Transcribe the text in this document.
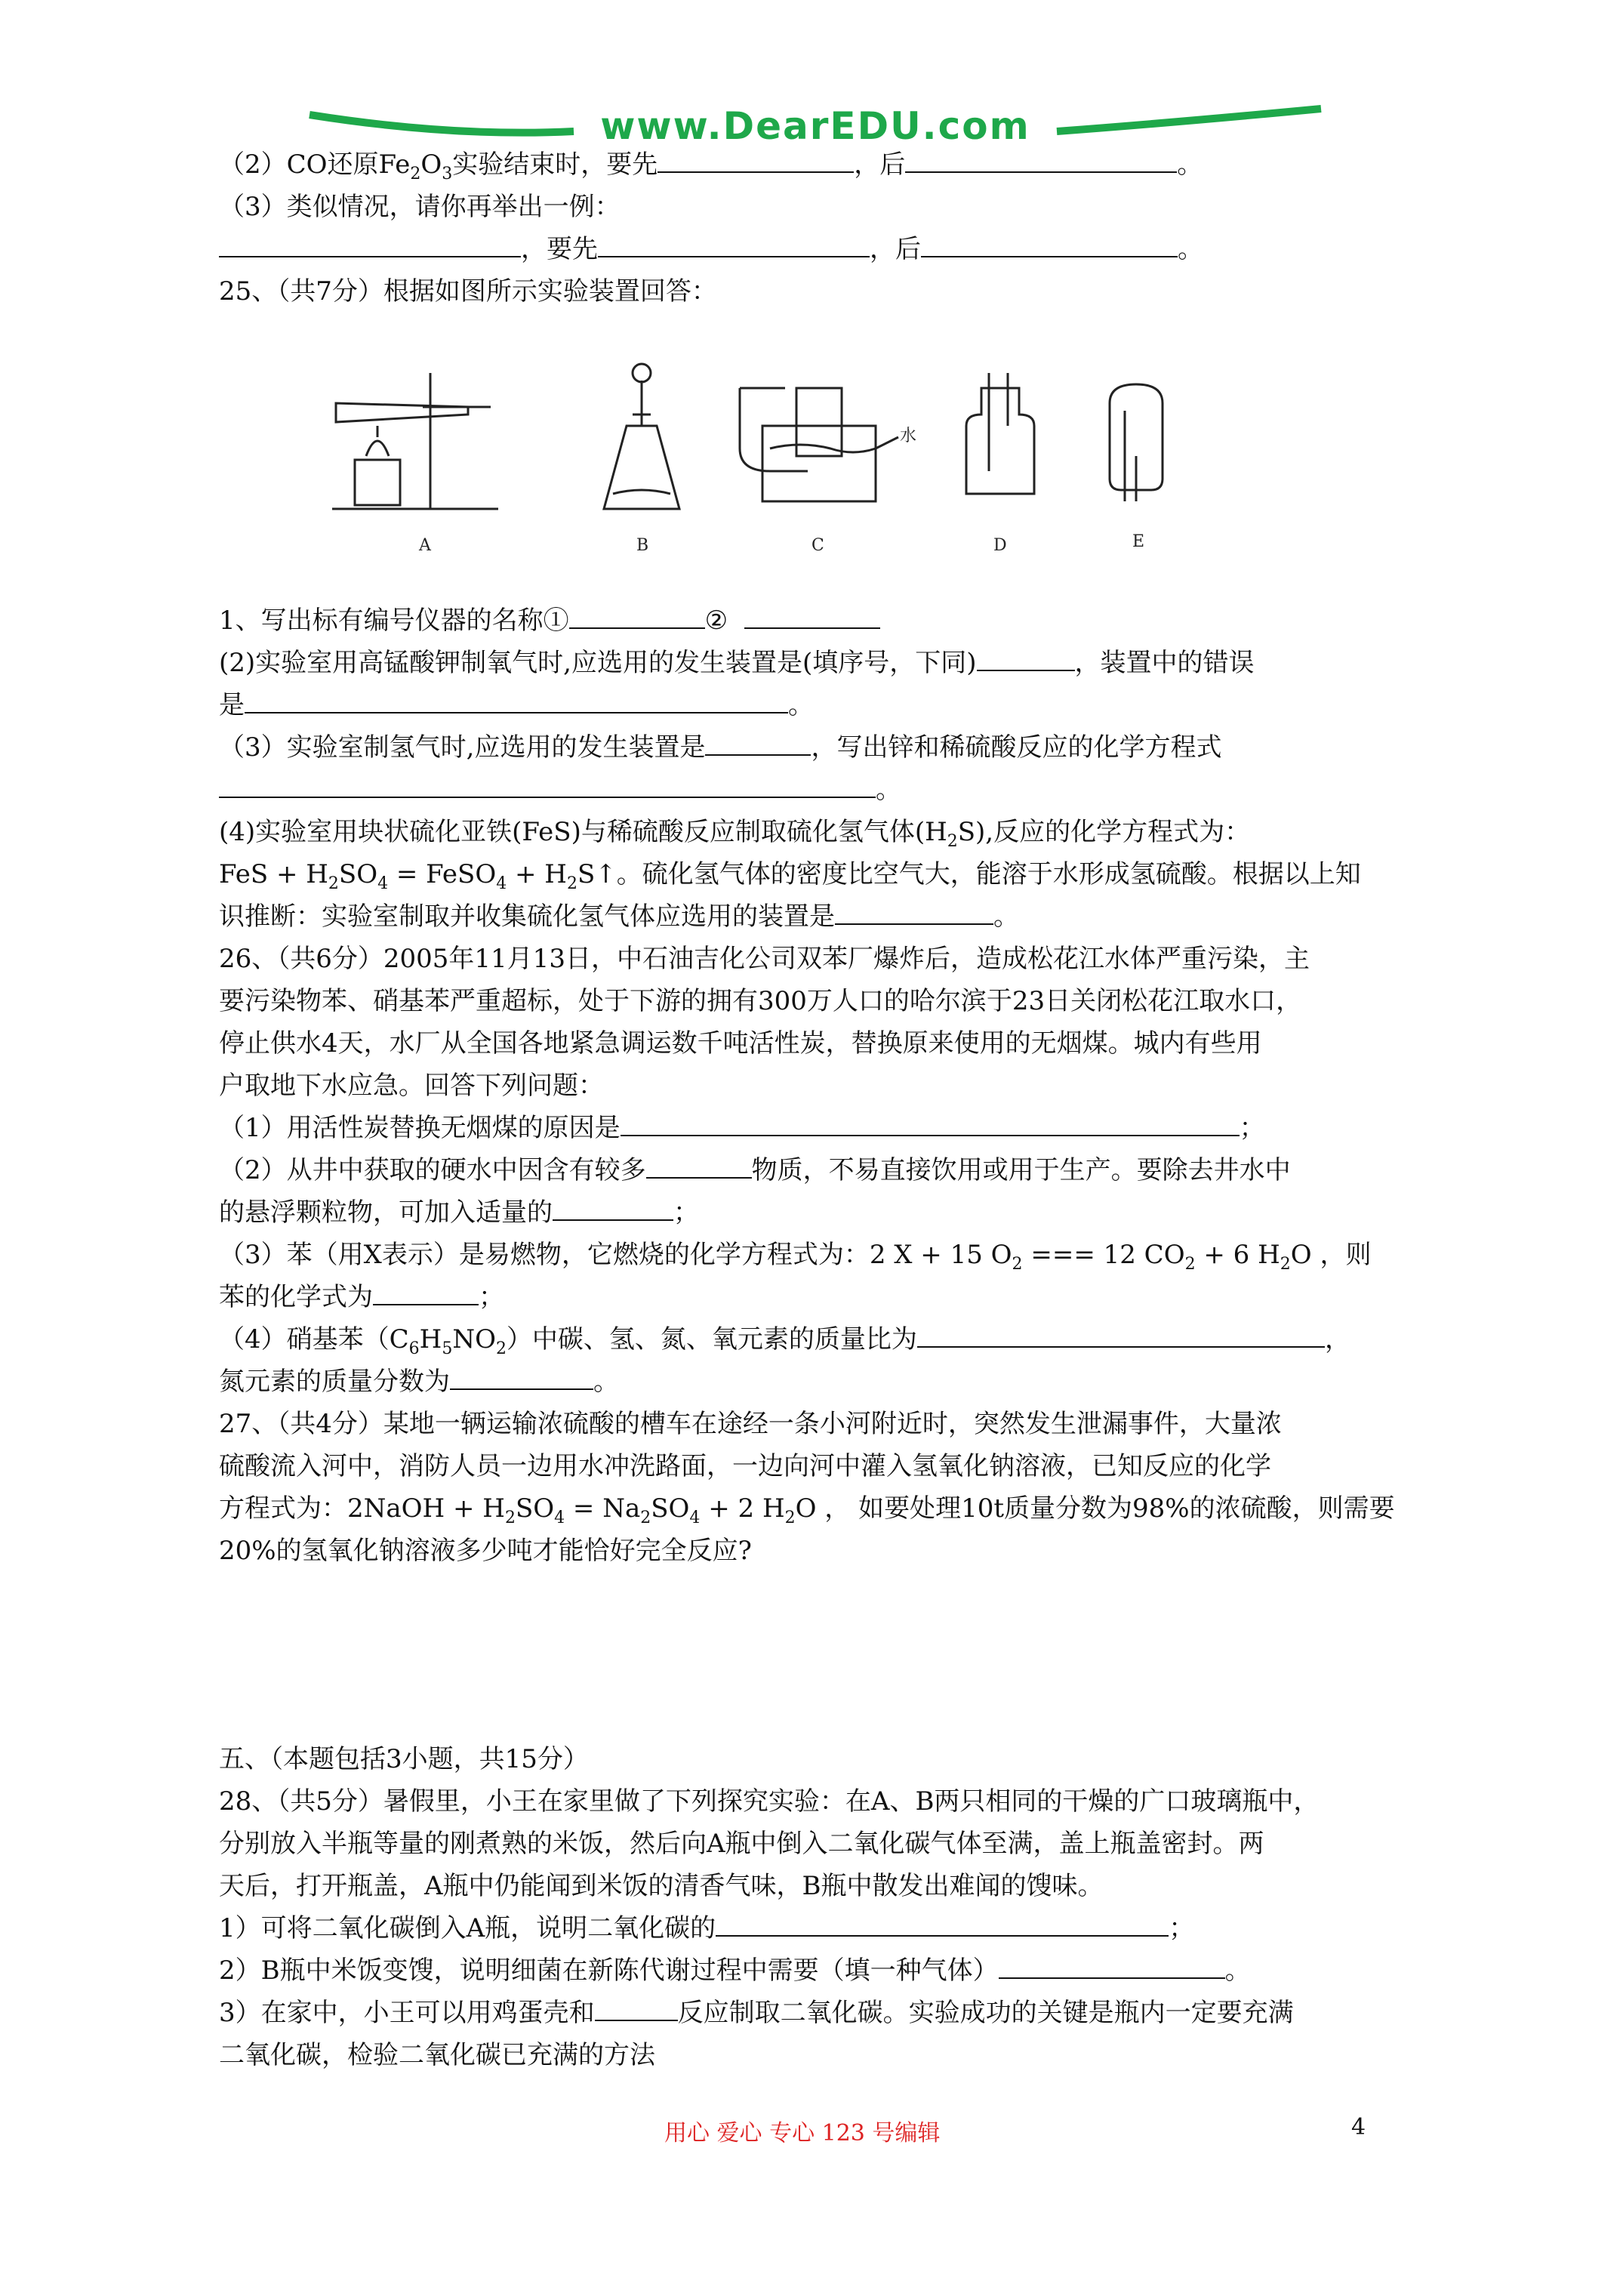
www.DearEDU.com
（2）CO还原$Fe_2O_3$实验结束时，要先	，后	。
（3）类似情况，请你再举出一例：
，要先	，后	。
25、（共7分）根据如图所示实验装置回答：
A	B
水
C	D	E
1、写出标有编号仪器的名称①	②
(2)实验室用高锰酸钾制氧气时,应选用的发生装置是(填序号，下同)	，装置中的错误
是	。
（3）实验室制氢气时,应选用的发生装置是	，写出锌和稀硫酸反应的化学方程式
。
(4)实验室用块状硫化亚铁(FeS)与稀硫酸反应制取硫化氢气体$(H_2S)$,反应的化学方程式为：
FeS + $H_2SO_4$ = FeSO$_4$ + $H_2S↑$。硫化氢气体的密度比空气大，能溶于水形成氢硫酸。根据以上知
识推断：实验室制取并收集硫化氢气体应选用的装置是	。
26、（共6分）2005年11月13日，中石油吉化公司双苯厂爆炸后，造成松花江水体严重污染，主
要污染物苯、硝基苯严重超标，处于下游的拥有300万人口的哈尔滨于23日关闭松花江取水口，
停止供水4天，水厂从全国各地紧急调运数千吨活性炭，替换原来使用的无烟煤。城内有些用
户取地下水应急。回答下列问题：
（1）用活性炭替换无烟煤的原因是	；
（2）从井中获取的硬水中因含有较多	物质，不易直接饮用或用于生产。要除去井水中
的悬浮颗粒物，可加入适量的	；
（3）苯（用X表示）是易燃物，它燃烧的化学方程式为：2 X + 15 $O_2$ === 12 $CO_2 + 6$ $H_2O$ ，则
苯的化学式为	；
（4）硝基苯$(C_6H_5NO_2)$中碳、氢、氮、氧元素的质量比为	，
氮元素的质量分数为	。
27、（共4分）某地一辆运输浓硫酸的槽车在途经一条小河附近时，突然发生泄漏事件，大量浓
硫酸流入河中，消防人员一边用水冲洗路面，一边向河中灌入氢氧化钠溶液，已知反应的化学
方程式为：2NaOH + $H_2SO_4 = Na_2SO_4 + 2$ $H_2O$ ， 如要处理10t质量分数为98%的浓硫酸，则需要
20%的氢氧化钠溶液多少吨才能恰好完全反应?
五、（本题包括3小题，共15分）
28、（共5分）暑假里，小王在家里做了下列探究实验：在A、B两只相同的干燥的广口玻璃瓶中，
分别放入半瓶等量的刚煮熟的米饭，然后向A瓶中倒入二氧化碳气体至满，盖上瓶盖密封。两
天后，打开瓶盖，A瓶中仍能闻到米饭的清香气味，B瓶中散发出难闻的馊味。
1）可将二氧化碳倒入A瓶，说明二氧化碳的	；
2）B瓶中米饭变馊，说明细菌在新陈代谢过程中需要（填一种气体）	。
3）在家中，小王可以用鸡蛋壳和	反应制取二氧化碳。实验成功的关键是瓶内一定要充满
二氧化碳，检验二氧化碳已充满的方法
用心 爱心 专心 123 号编辑	4
